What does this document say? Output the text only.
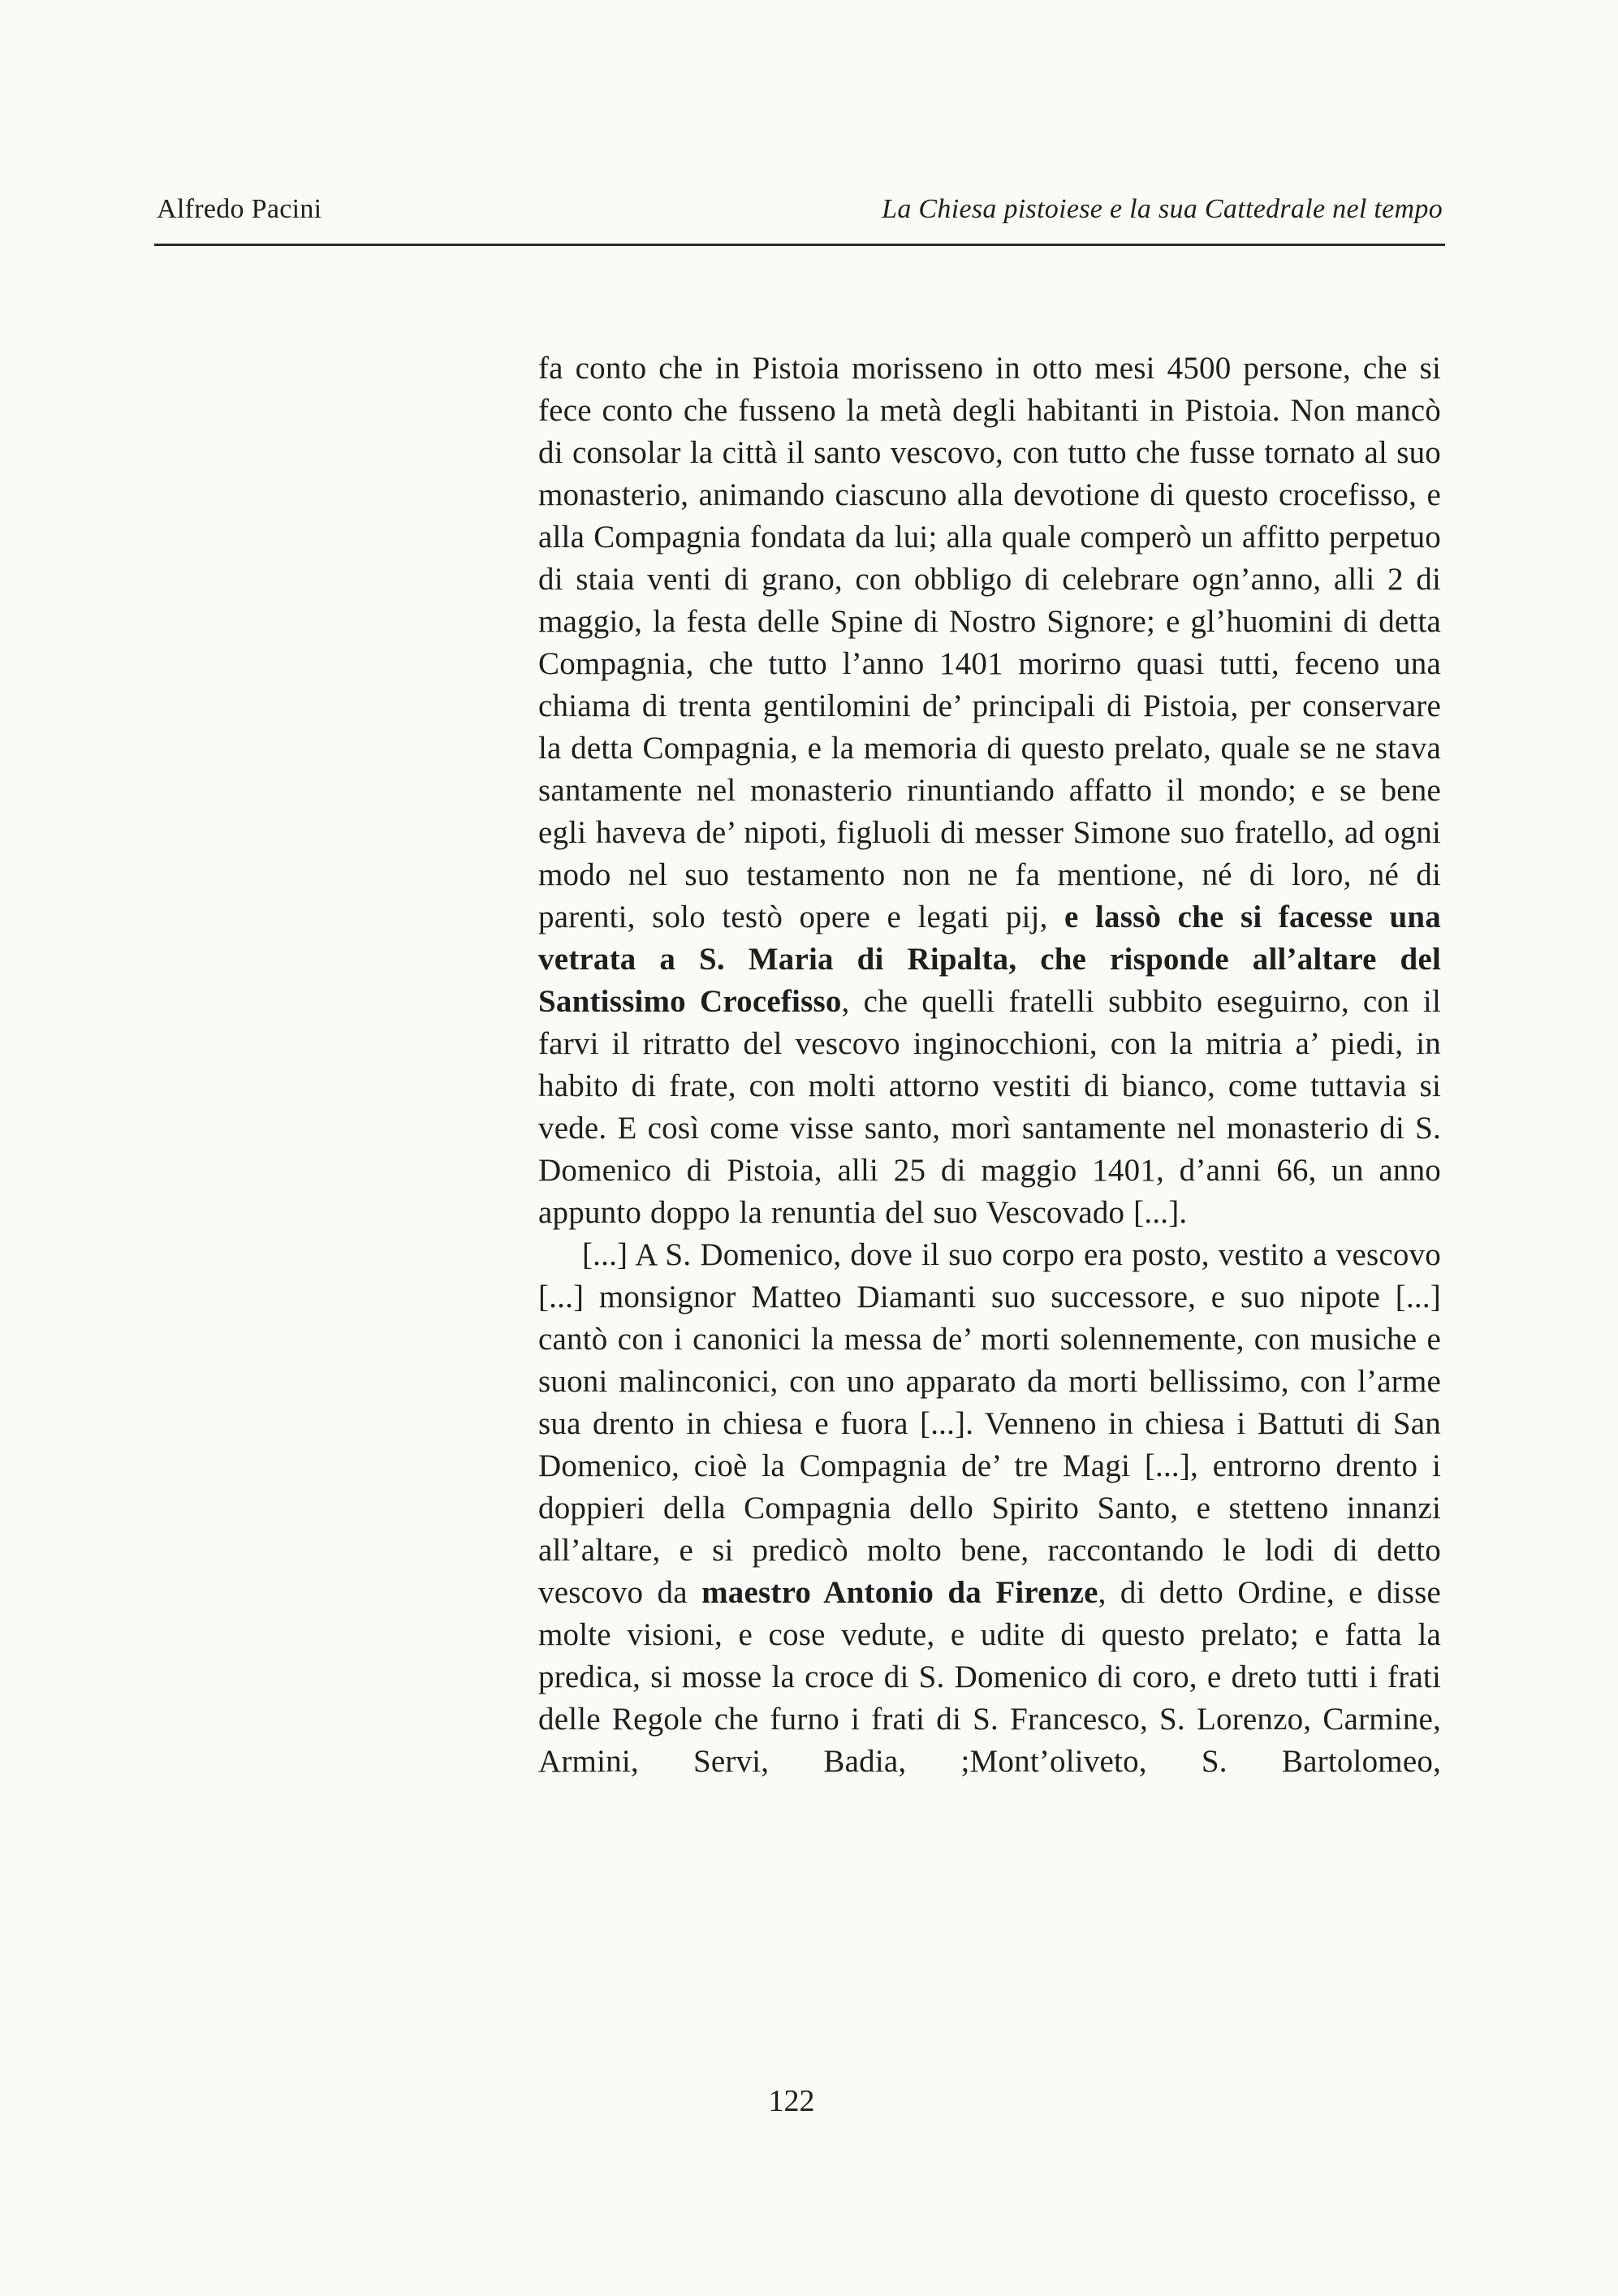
Alfredo Pacini	La Chiesa pistoiese e la sua Cattedrale nel tempo

fa conto che in Pistoia morisseno in otto mesi 4500 persone, che si fece conto che fusseno la metà degli habitanti in Pistoia. Non mancò di consolar la città il santo vescovo, con tutto che fusse tornato al suo monasterio, animando ciascuno alla devotione di questo crocefisso, e alla Compagnia fondata da lui; alla quale comperò un affitto perpetuo di staia venti di grano, con obbligo di celebrare ogn’anno, alli 2 di maggio, la festa delle Spine di Nostro Signore; e gl’huomini di detta Compagnia, che tutto l’anno 1401 morirno quasi tutti, feceno una chiama di trenta gentilomini de’ principali di Pistoia, per conservare la detta Compagnia, e la memoria di questo prelato, quale se ne stava santamente nel monasterio rinuntiando affatto il mondo; e se bene egli haveva de’ nipoti, figluoli di messer Simone suo fratello, ad ogni modo nel suo testamento non ne fa mentione, né di loro, né di parenti, solo testò opere e legati pij, e lassò che si facesse una vetrata a S. Maria di Ripalta, che risponde all’altare del Santissimo Crocefisso, che quelli fratelli subbito eseguirno, con il farvi il ritratto del vescovo inginocchioni, con la mitria a’ piedi, in habito di frate, con molti attorno vestiti di bianco, come tuttavia si vede. E così come visse santo, morì santamente nel monasterio di S. Domenico di Pistoia, alli 25 di maggio 1401, d’anni 66, un anno appunto doppo la renuntia del suo Vescovado [...].

[...] A S. Domenico, dove il suo corpo era posto, vestito a vescovo [...] monsignor Matteo Diamanti suo successore, e suo nipote [...] cantò con i canonici la messa de’ morti solennemente, con musiche e suoni malinconici, con uno apparato da morti bellissimo, con l’arme sua drento in chiesa e fuora [...]. Venneno in chiesa i Battuti di San Domenico, cioè la Compagnia de’ tre Magi [...], entrorno drento i doppieri della Compagnia dello Spirito Santo, e stetteno innanzi all’altare, e si predicò molto bene, raccontando le lodi di detto vescovo da maestro Antonio da Firenze, di detto Ordine, e disse molte visioni, e cose vedute, e udite di questo prelato; e fatta la predica, si mosse la croce di S. Domenico di coro, e dreto tutti i frati delle Regole che furno i frati di S. Francesco, S. Lorenzo, Carmine, Armini, Servi, Badia, ;Mont’oliveto, S. Bartolomeo,

122
